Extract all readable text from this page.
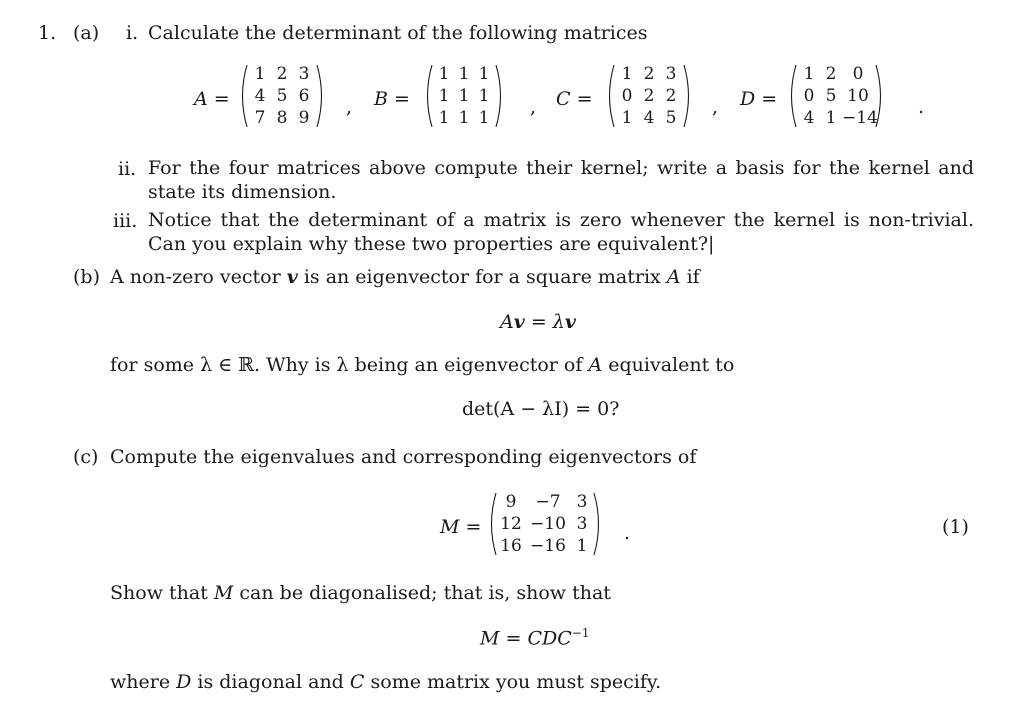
1. (a) i. Calculate the determinant of the following matrices
A =
1 2 3
4 5 6
7 8 9 , B =
1 1 1
1 1 1
1 1 1 , C =
1 2 3
0 2 2
1 4 5 , D =
1 2 0
0 5 10
4 1 −14 .
ii. For the four matrices above compute their kernel; write a basis for the kernel and state its dimension.
iii. Notice that the determinant of a matrix is zero whenever the kernel is non-trivial. Can you explain why these two properties are equivalent?|
(b) A non-zero vector v is an eigenvector for a square matrix A if
Av = λv
for some λ ∈ ℝ. Why is λ being an eigenvector of A equivalent to
det(A − λI) = 0?
(c) Compute the eigenvalues and corresponding eigenvectors of
M =
9	−7 3
12 −10 3
16 −16 1
.	(1)
Show that M can be diagonalised; that is, show that
$M = CDC^{-1}$
where D is diagonal and C some matrix you must specify.
